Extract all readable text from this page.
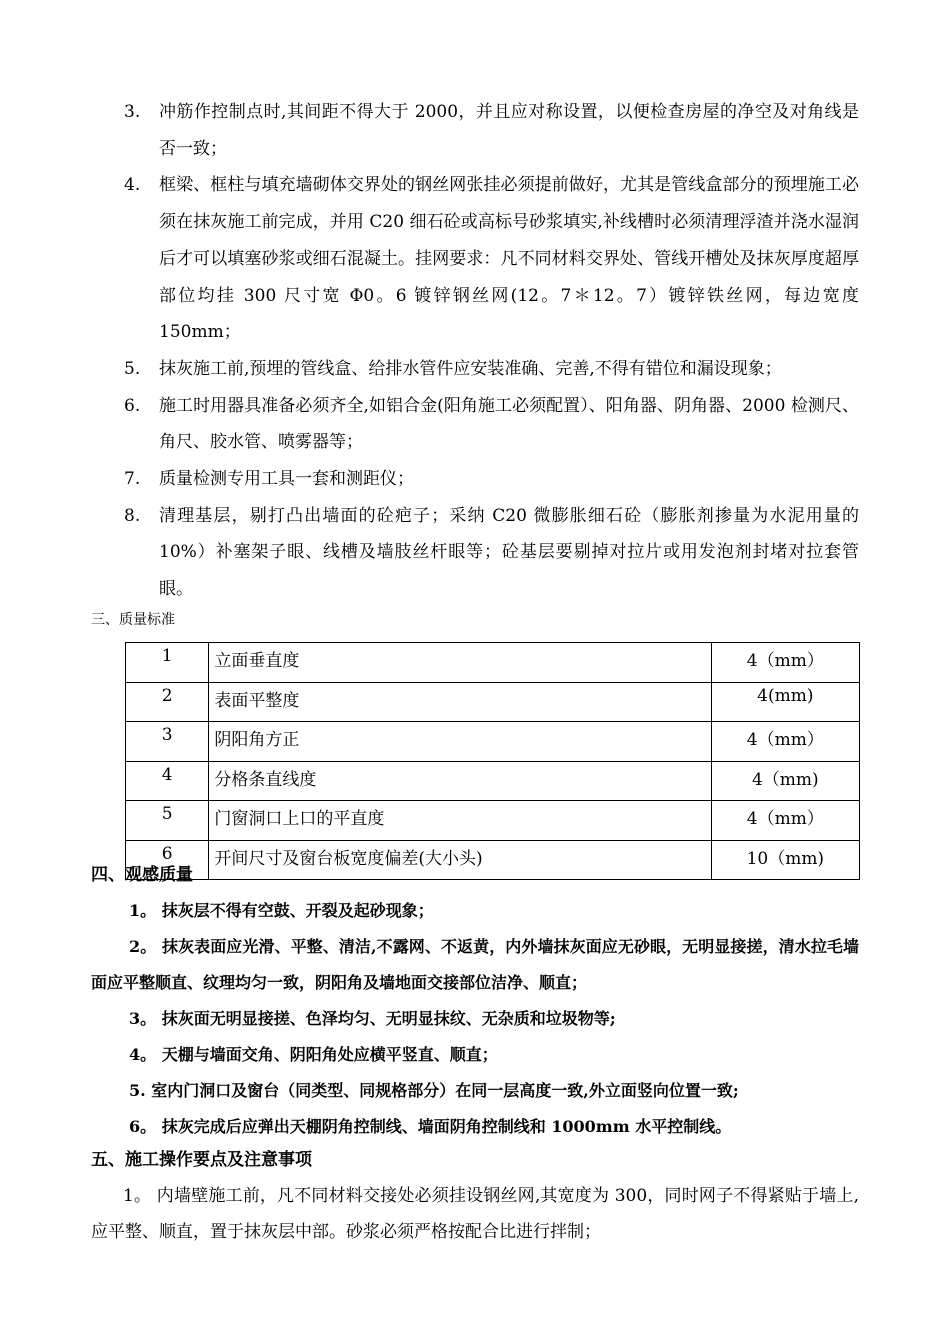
3.	冲筋作控制点时,其间距不得大于 2000，并且应对称设置，以便检查房屋的净空及对角线是否一致；
4.	框梁、框柱与填充墙砌体交界处的钢丝网张挂必须提前做好，尤其是管线盒部分的预埋施工必须在抹灰施工前完成，并用 C20 细石砼或高标号砂浆填实,补线槽时必须清理浮渣并浇水湿润后才可以填塞砂浆或细石混凝土。挂网要求：凡不同材料交界处、管线开槽处及抹灰厚度超厚部位均挂 300 尺寸宽 Φ0。6 镀锌钢丝网(12。7＊12。7）镀锌铁丝网，每边宽度 150mm；
5.	抹灰施工前,预埋的管线盒、给排水管件应安装准确、完善,不得有错位和漏设现象；
6.	施工时用器具准备必须齐全,如铝合金(阳角施工必须配置）、阳角器、阴角器、2000 检测尺、角尺、胶水管、喷雾器等；
7.	质量检测专用工具一套和测距仪；
8.	清理基层，剔打凸出墙面的砼疤子；采纳 C20 微膨胀细石砼（膨胀剂掺量为水泥用量的 10%）补塞架子眼、线槽及墙肢丝杆眼等；砼基层要剔掉对拉片或用发泡剂封堵对拉套管眼。
三、质量标准
1	立面垂直度	4（mm）
2	表面平整度	4(mm)
3	阴阳角方正	4（mm）
4	分格条直线度	4（mm)
5	门窗洞口上口的平直度	4（mm）
6	开间尺寸及窗台板宽度偏差(大小头)	10（mm)
四、观感质量

1。 抹灰层不得有空鼓、开裂及起砂现象；

2。 抹灰表面应光滑、平整、清洁,不露网、不返黄，内外墙抹灰面应无砂眼，无明显接搓，清水拉毛墙面应平整顺直、纹理均匀一致，阴阳角及墙地面交接部位洁净、顺直；

3。 抹灰面无明显接搓、色泽均匀、无明显抹纹、无杂质和垃圾物等;

4。 天棚与墙面交角、阴阳角处应横平竖直、顺直；

5. 室内门洞口及窗台（同类型、同规格部分）在同一层高度一致,外立面竖向位置一致;

6。 抹灰完成后应弹出天棚阴角控制线、墙面阴角控制线和 1000mm 水平控制线。

五、施工操作要点及注意事项

1。 内墙壁施工前，凡不同材料交接处必须挂设钢丝网,其宽度为 300，同时网子不得紧贴于墙上,应平整、顺直，置于抹灰层中部。砂浆必须严格按配合比进行拌制；
